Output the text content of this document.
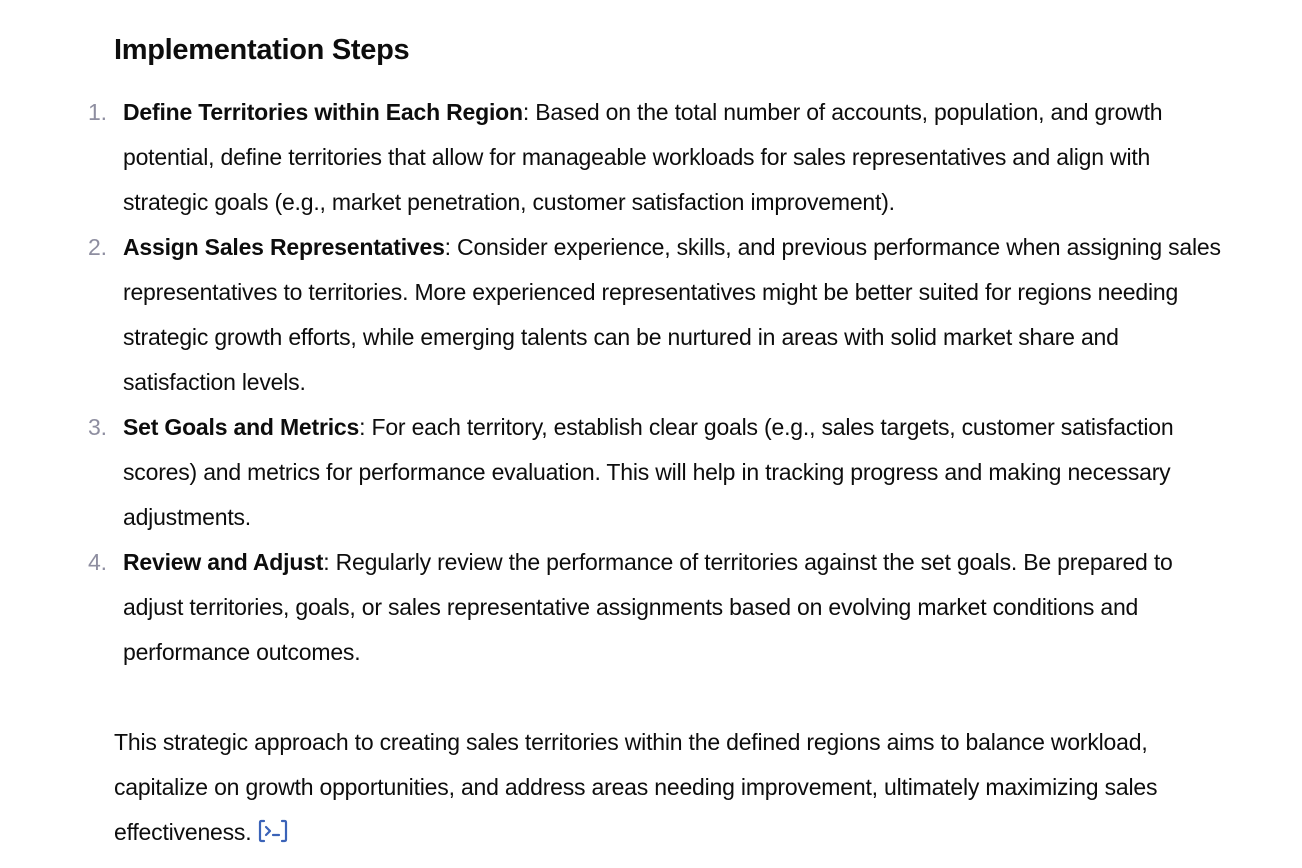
Implementation Steps
1. Define Territories within Each Region: Based on the total number of accounts, population, and growth potential, define territories that allow for manageable workloads for sales representatives and align with strategic goals (e.g., market penetration, customer satisfaction improvement).
2. Assign Sales Representatives: Consider experience, skills, and previous performance when assigning sales representatives to territories. More experienced representatives might be better suited for regions needing strategic growth efforts, while emerging talents can be nurtured in areas with solid market share and satisfaction levels.
3. Set Goals and Metrics: For each territory, establish clear goals (e.g., sales targets, customer satisfaction scores) and metrics for performance evaluation. This will help in tracking progress and making necessary adjustments.
4. Review and Adjust: Regularly review the performance of territories against the set goals. Be prepared to adjust territories, goals, or sales representative assignments based on evolving market conditions and performance outcomes.

This strategic approach to creating sales territories within the defined regions aims to balance workload, capitalize on growth opportunities, and address areas needing improvement, ultimately maximizing sales effectiveness.
